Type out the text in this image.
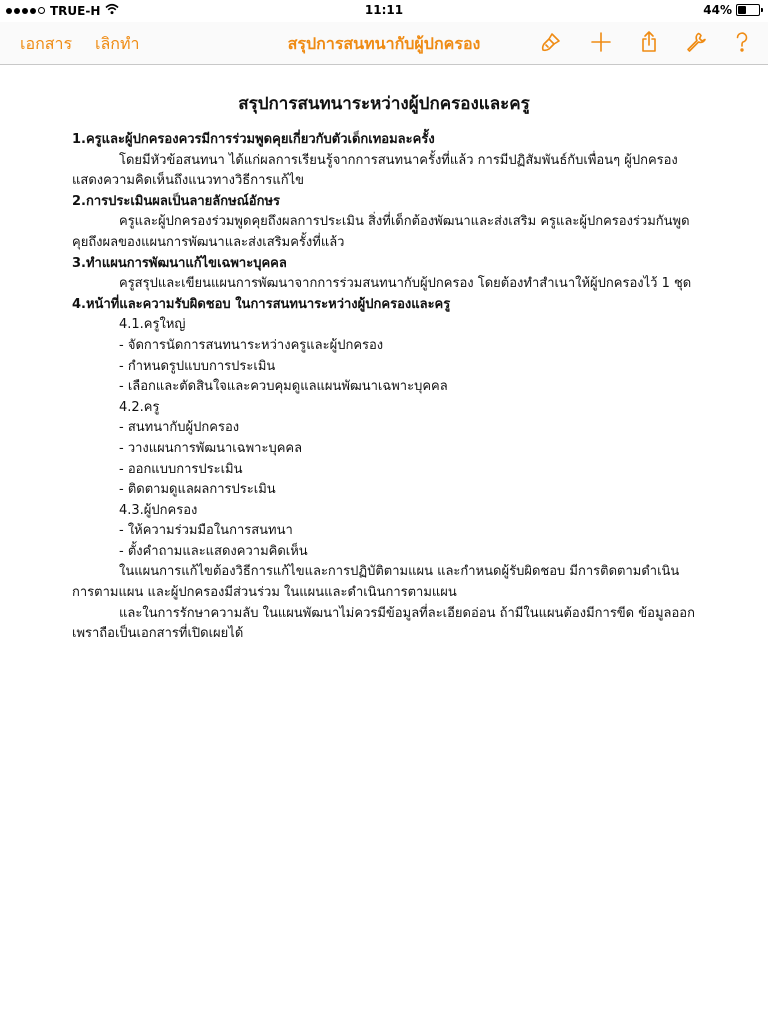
TRUE-H	11:11	44%
เอกสาร เลิกทำ	สรุปการสนทนากับผู้ปกครอง
สรุปการสนทนาระหว่างผู้ปกครองและครู
1.ครูและผู้ปกครองควรมีการร่วมพูดคุยเกี่ยวกับตัวเด็กเทอมละครั้ง
โดยมีหัวข้อสนทนา ได้แก่ผลการเรียนรู้จากการสนทนาครั้งที่แล้ว การมีปฏิสัมพันธ์กับเพื่อนๆ ผู้ปกครองแสดงความคิดเห็นถึงแนวทางวิธีการแก้ไข
2.การประเมินผลเป็นลายลักษณ์อักษร
ครูและผู้ปกครองร่วมพูดคุยถึงผลการประเมิน สิ่งที่เด็กต้องพัฒนาและส่งเสริม ครูและผู้ปกครองร่วมกันพูดคุยถึงผลของแผนการพัฒนาและส่งเสริมครั้งที่แล้ว
3.ทำแผนการพัฒนาแก้ไขเฉพาะบุคคล
ครูสรุปและเขียนแผนการพัฒนาจากการร่วมสนทนากับผู้ปกครอง โดยต้องทำสำเนาให้ผู้ปกครองไว้ 1 ชุด
4.หน้าที่และความรับผิดชอบ ในการสนทนาระหว่างผู้ปกครองและครู
4.1.ครูใหญ่
- จัดการนัดการสนทนาระหว่างครูและผู้ปกครอง
- กำหนดรูปแบบการประเมิน
- เลือกและตัดสินใจและควบคุมดูแลแผนพัฒนาเฉพาะบุคคล
4.2.ครู
- สนทนากับผู้ปกครอง
- วางแผนการพัฒนาเฉพาะบุคคล
- ออกแบบการประเมิน
- ติดตามดูแลผลการประเมิน
4.3.ผู้ปกครอง
- ให้ความร่วมมือในการสนทนา
- ตั้งคำถามและแสดงความคิดเห็น
ในแผนการแก้ไขต้องวิธีการแก้ไขและการปฏิบัติตามแผน และกำหนดผู้รับผิดชอบ มีการติดตามดำเนินการตามแผน และผู้ปกครองมีส่วนร่วม ในแผนและดำเนินการตามแผน
และในการรักษาความลับ ในแผนพัฒนาไม่ควรมีข้อมูลที่ละเอียดอ่อน ถ้ามีในแผนต้องมีการขีด ข้อมูลออก เพราถือเป็นเอกสารที่เปิดเผยได้
